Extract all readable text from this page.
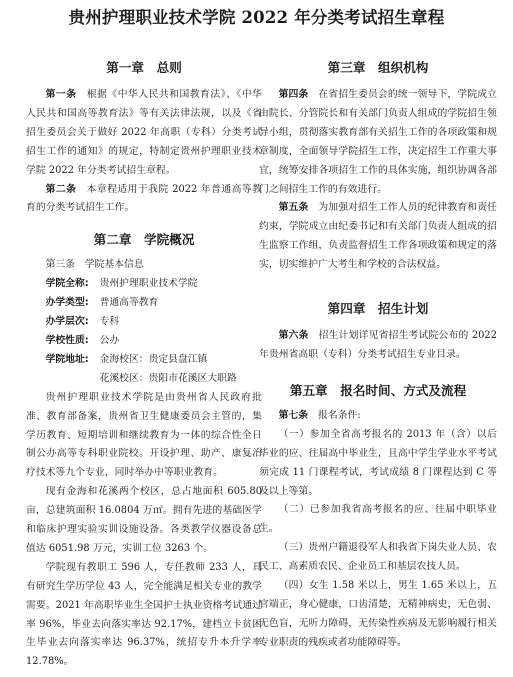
贵州护理职业技术学院 2022 年分类考试招生章程
第一章　总则

第一条　 根据《中华人民共和国教育法》、《中华人民共和国高等教育法》等有关法律法规，以及《省招生委员会关于做好 2022 年高职（专科）分类考试招生工作的通知》的规定，特制定贵州护理职业技术学院 2022 年分类考试招生章程。

第二条　 本章程适用于我院 2022 年普通高等教育的分类考试招生工作。

第二章　学院概况

第三条　学院基本信息

学院全称: 贵州护理职业技术学院

办学类型: 普通高等教育

办学层次: 专科

学校性质: 公办

学院地址: 金海校区：贵定县盘江镇

花溪校区：贵阳市花溪区大职路

贵州护理职业技术学院是由贵州省人民政府批准、教育部备案，贵州省卫生健康委员会主管的，集学历教育、短期培训和继续教育为一体的综合性全日制公办高等专科职业院校。开设护理、助产、康复治疗技术等九个专业，同时举办中等职业教育。

现有金海和花溪两个校区，总占地面积 605.80 亩，总建筑面积 16.0804 万㎡。拥有先进的基础医学和临床护理实验实训设施设备。各类教学仪器设备总值达 6051.98 万元，实训工位 3263 个。

学院现有教职工 596 人，专任教师 233 人，具有研究生学历学位 43 人，完全能满足相关专业的教学需要。2021 年高职毕业生全国护士执业资格考试通过率 96%，毕业去向落实率达 92.17%，建档立卡贫困生毕业去向落实率达 96.37%，统招专升本升学率 12.78%。

第三章　组织机构

第四条　 在省招生委员会的统一领导下，学院成立由院长、分管院长和有关部门负责人组成的学院招生领导小组，贯彻落实教育部有关招生工作的各项政策和规章制度，全面领导学院招生工作，决定招生工作重大事宜，统筹安排各项招生工作的具体实施，组织协调各部门之间招生工作的有效进行。

第五条　 为加强对招生工作人员的纪律教育和责任约束，学院成立由纪委书记和有关部门负责人组成的招生监察工作组，负责监督招生工作各项政策和规定的落实，切实维护广大考生和学校的合法权益。

第四章　招生计划

第六条　 招生计划详见省招生考试院公布的 2022 年贵州省高职（专科）分类考试招生专业目录。

第五章　报名时间、方式及流程

第七条　 报名条件:

（一）参加全省高考报名的 2013 年（含）以后毕业的应、往届高中毕业生，且高中学生学业水平考试须完成 11 门课程考试，考试成绩 8 门课程达到 C 等及以上等第。

（二）已参加我省高考报名的应、往届中职毕业生。

（三）贵州户籍退役军人和我省下岗失业人员、农民工、高素质农民、企业员工和基层农技人员。

（四）女生 1.58 米以上，男生 1.65 米以上，五官端正，身心健康，口齿清楚，无精神病史，无色弱、无色盲，无听力障碍，无传染性疾病及无影响履行相关专业职责的残疾或者功能障碍等。
